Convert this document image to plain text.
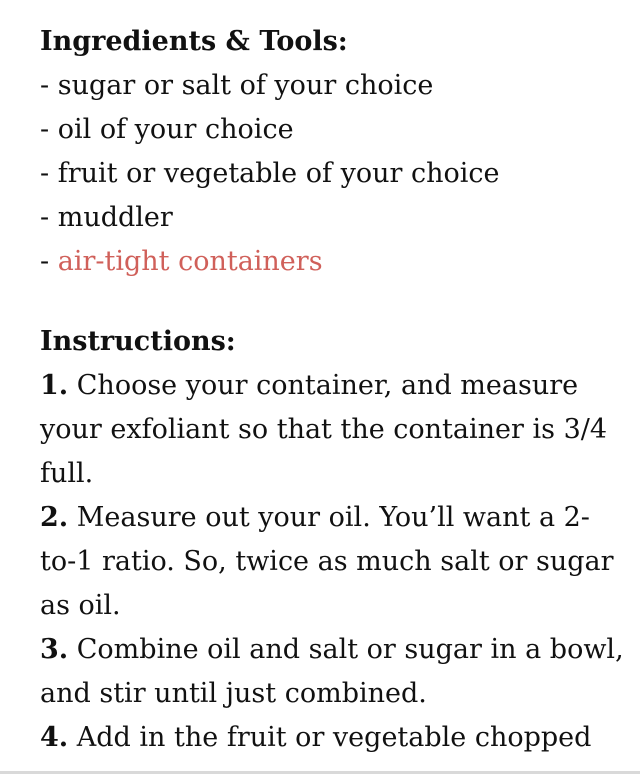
Ingredients & Tools:

- sugar or salt of your choice

- oil of your choice

- fruit or vegetable of your choice

- muddler

- air-tight containers

Instructions:

1. Choose your container, and measure

your exfoliant so that the container is 3/4

full.

2. Measure out your oil. You’ll want a 2-

to-1 ratio. So, twice as much salt or sugar

as oil.

3. Combine oil and salt or sugar in a bowl,

and stir until just combined.

4. Add in the fruit or vegetable chopped
